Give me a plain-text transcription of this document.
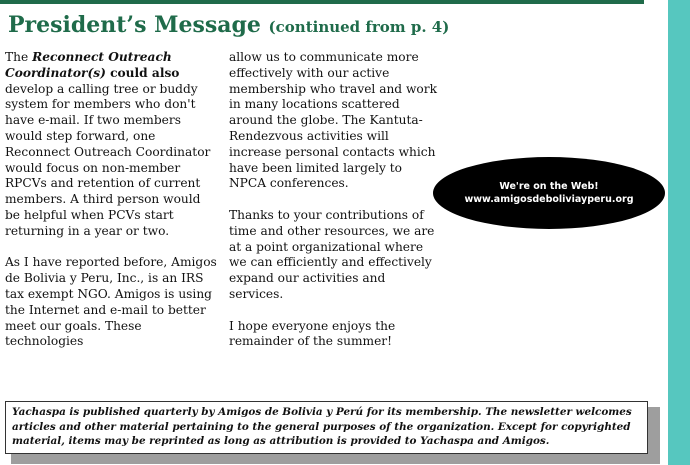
President’s Message (continued from p. 4)

The Reconnect Outreach Coordinator(s) could also develop a calling tree or buddy system for members who don't have e-mail. If two members would step forward, one Reconnect Outreach Coordinator would focus on non-member RPCVs and retention of current members. A third person would be helpful when PCVs start returning in a year or two.

As I have reported before, Amigos de Bolivia y Peru, Inc., is an IRS tax exempt NGO. Amigos is using the Internet and e-mail to better meet our goals. These technologies

allow us to communicate more effectively with our active membership who travel and work in many locations scattered around the globe. The Kantuta-Rendezvous activities will increase personal contacts which have been limited largely to NPCA conferences.

Thanks to your contributions of time and other resources, we are at a point organizational where we can efficiently and effectively expand our activities and services.

I hope everyone enjoys the remainder of the summer!

We're on the Web!
www.amigosdeboliviayperu.org
Yachaspa is published quarterly by Amigos de Bolivia y Perú for its membership. The newsletter welcomes articles and other material pertaining to the general purposes of the organization. Except for copyrighted material, items may be reprinted as long as attribution is provided to Yachaspa and Amigos.
